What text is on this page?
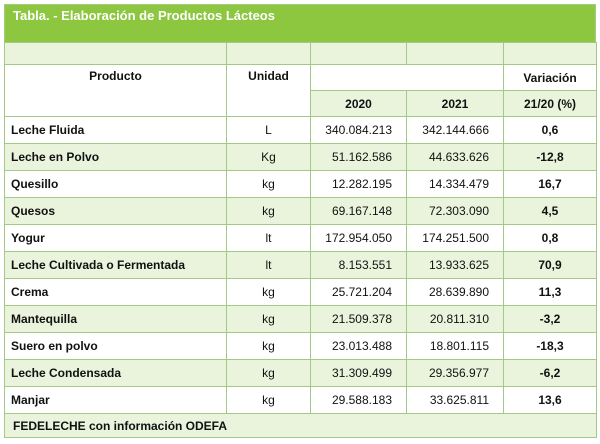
Tabla. - Elaboración de Productos Lácteos

Producto	Unidad			Variación
		2020	2021	21/20 (%)
Leche Fluida	L	340.084.213	342.144.666	0,6
Leche en Polvo	Kg	51.162.586	44.633.626	-12,8
Quesillo	kg	12.282.195	14.334.479	16,7
Quesos	kg	69.167.148	72.303.090	4,5
Yogur	lt	172.954.050	174.251.500	0,8
Leche Cultivada o Fermentada	lt	8.153.551	13.933.625	70,9
Crema	kg	25.721.204	28.639.890	11,3
Mantequilla	kg	21.509.378	20.811.310	-3,2
Suero en polvo	kg	23.013.488	18.801.115	-18,3
Leche Condensada	kg	31.309.499	29.356.977	-6,2
Manjar	kg	29.588.183	33.625.811	13,6
FEDELECHE con información ODEFA				
